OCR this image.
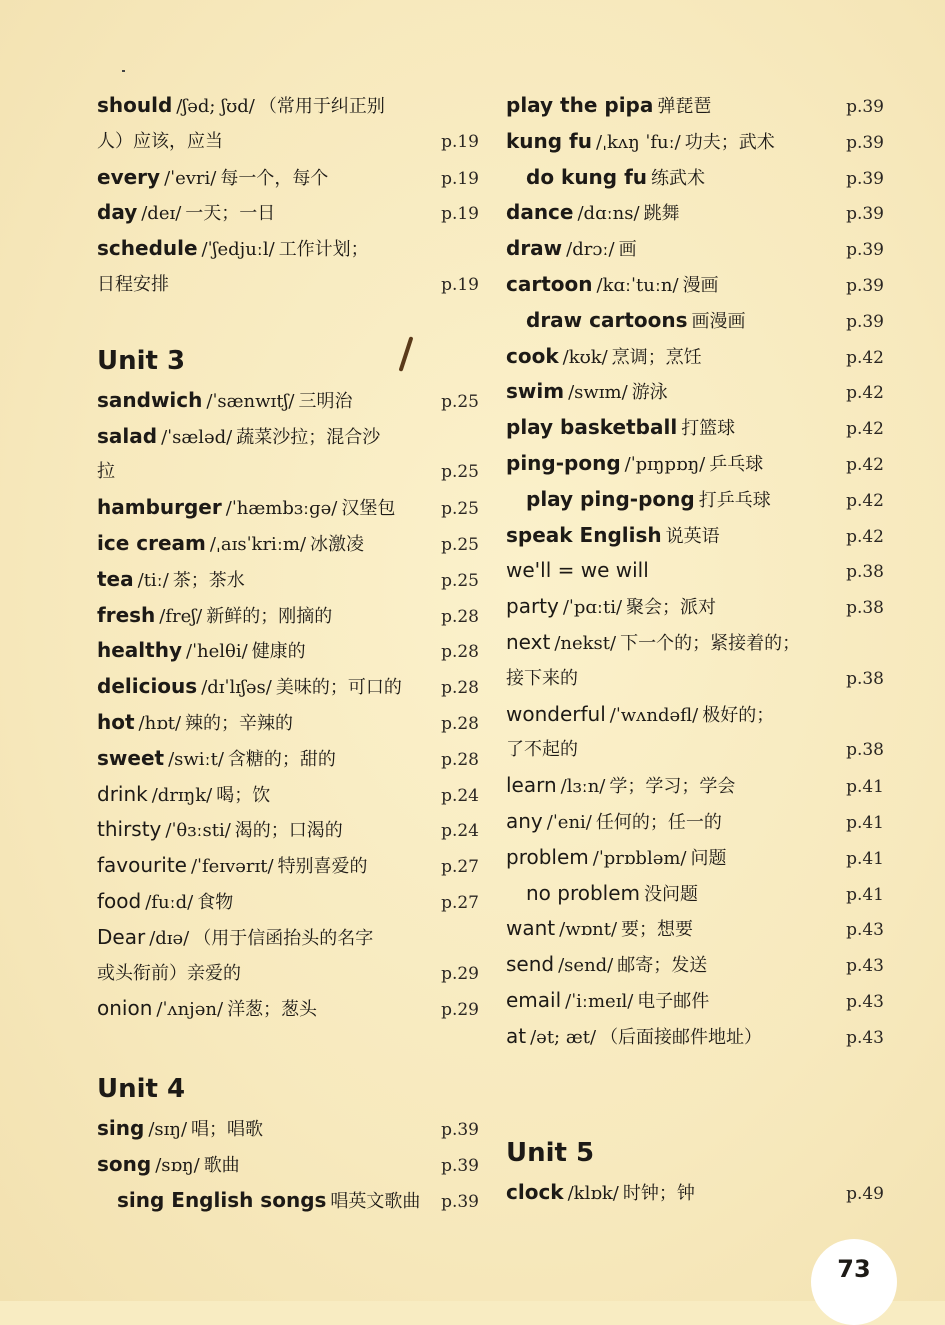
should /ʃəd; ʃʊd/ （常用于纠正别
人）应该，应当	p.19
every /ˈevri/ 每一个，每个	p.19
day /deɪ/ 一天；一日	p.19
schedule /ˈʃedjuːl/ 工作计划；
日程安排	p.19
Unit 3
sandwich /ˈsænwɪtʃ/ 三明治	p.25
salad /ˈsæləd/ 蔬菜沙拉；混合沙
拉	p.25
hamburger /ˈhæmbɜːɡə/ 汉堡包	p.25
ice cream /ˌaɪsˈkriːm/ 冰激凌	p.25
tea /tiː/ 茶；茶水	p.25
fresh /freʃ/ 新鲜的；刚摘的	p.28
healthy /ˈhelθi/ 健康的	p.28
delicious /dɪˈlɪʃəs/ 美味的；可口的 p.28
hot /hɒt/ 辣的；辛辣的	p.28
sweet /swiːt/ 含糖的；甜的	p.28
drink /drɪŋk/ 喝；饮	p.24
thirsty /ˈθɜːsti/ 渴的；口渴的	p.24
favourite /ˈfeɪvərɪt/ 特别喜爱的	p.27
food /fuːd/ 食物	p.27
Dear /dɪə/ （用于信函抬头的名字
或头衔前）亲爱的	p.29
onion /ˈʌnjən/ 洋葱；葱头	p.29
Unit 4
sing /sɪŋ/ 唱；唱歌	p.39
song /sɒŋ/ 歌曲	p.39
sing English songs 唱英文歌曲 p.39
play the pipa 弹琵琶	p.39
kung fu /ˌkʌŋ ˈfuː/ 功夫；武术	p.39
do kung fu 练武术	p.39
dance /dɑːns/ 跳舞	p.39
draw /drɔː/ 画	p.39
cartoon /kɑːˈtuːn/ 漫画	p.39
draw cartoons 画漫画	p.39
cook /kʊk/ 烹调；烹饪	p.42
swim /swɪm/ 游泳	p.42
play basketball 打篮球	p.42
ping-pong /ˈpɪŋpɒŋ/ 乒乓球	p.42
play ping-pong 打乒乓球	p.42
speak English 说英语	p.42
we'll = we will	p.38
party /ˈpɑːti/ 聚会；派对	p.38
next /nekst/ 下一个的；紧接着的；
接下来的	p.38
wonderful /ˈwʌndəfl/ 极好的；
了不起的	p.38
learn /lɜːn/ 学；学习；学会	p.41
any /ˈeni/ 任何的；任一的	p.41
problem /ˈprɒbləm/ 问题	p.41
no problem 没问题	p.41
want /wɒnt/ 要；想要	p.43
send /send/ 邮寄；发送	p.43
email /ˈiːmeɪl/ 电子邮件	p.43
at /ət; æt/ （后面接邮件地址）	p.43
Unit 5
clock /klɒk/ 时钟；钟	p.49
73
